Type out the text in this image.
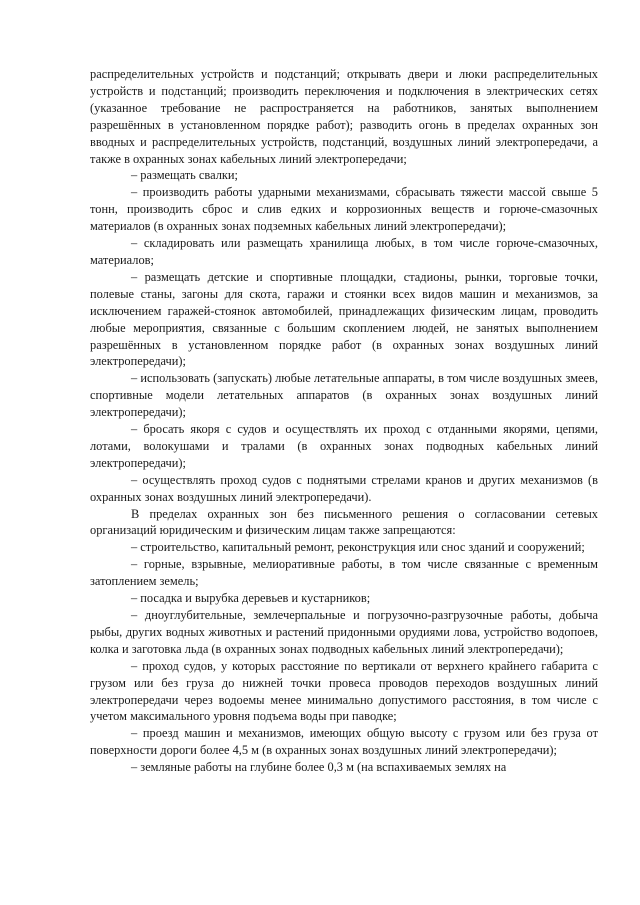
распределительных устройств и подстанций; открывать двери и люки распределительных устройств и подстанций; производить переключения и подключения в электрических сетях (указанное требование не распространяется на работников, занятых выполнением разрешённых в установленном порядке работ); разводить огонь в пределах охранных зон вводных и распределительных устройств, подстанций, воздушных линий электропередачи, а также в охранных зонах кабельных линий электропередачи;

– размещать свалки;

– производить работы ударными механизмами, сбрасывать тяжести массой свыше 5 тонн, производить сброс и слив едких и коррозионных веществ и горюче-смазочных материалов (в охранных зонах подземных кабельных линий электропередачи);

– складировать или размещать хранилища любых, в том числе горюче-смазочных, материалов;

– размещать детские и спортивные площадки, стадионы, рынки, торговые точки, полевые станы, загоны для скота, гаражи и стоянки всех видов машин и механизмов, за исключением гаражей-стоянок автомобилей, принадлежащих физическим лицам, проводить любые мероприятия, связанные с большим скоплением людей, не занятых выполнением разрешённых в установленном порядке работ (в охранных зонах воздушных линий электропередачи);

– использовать (запускать) любые летательные аппараты, в том числе воздушных змеев, спортивные модели летательных аппаратов (в охранных зонах воздушных линий электропередачи);

– бросать якоря с судов и осуществлять их проход с отданными якорями, цепями, лотами, волокушами и тралами (в охранных зонах подводных кабельных линий электропередачи);

– осуществлять проход судов с поднятыми стрелами кранов и других механизмов (в охранных зонах воздушных линий электропередачи).

В пределах охранных зон без письменного решения о согласовании сетевых организаций юридическим и физическим лицам также запрещаются:

– строительство, капитальный ремонт, реконструкция или снос зданий и сооружений;

– горные, взрывные, мелиоративные работы, в том числе связанные с временным затоплением земель;

– посадка и вырубка деревьев и кустарников;

– дноуглубительные, землечерпальные и погрузочно-разгрузочные работы, добыча рыбы, других водных животных и растений придонными орудиями лова, устройство водопоев, колка и заготовка льда (в охранных зонах подводных кабельных линий электропередачи);

– проход судов, у которых расстояние по вертикали от верхнего крайнего габарита с грузом или без груза до нижней точки провеса проводов переходов воздушных линий электропередачи через водоемы менее минимально допустимого расстояния, в том числе с учетом максимального уровня подъема воды при паводке;

– проезд машин и механизмов, имеющих общую высоту с грузом или без груза от поверхности дороги более 4,5 м (в охранных зонах воздушных линий электропередачи);

– земляные работы на глубине более 0,3 м (на вспахиваемых землях на
